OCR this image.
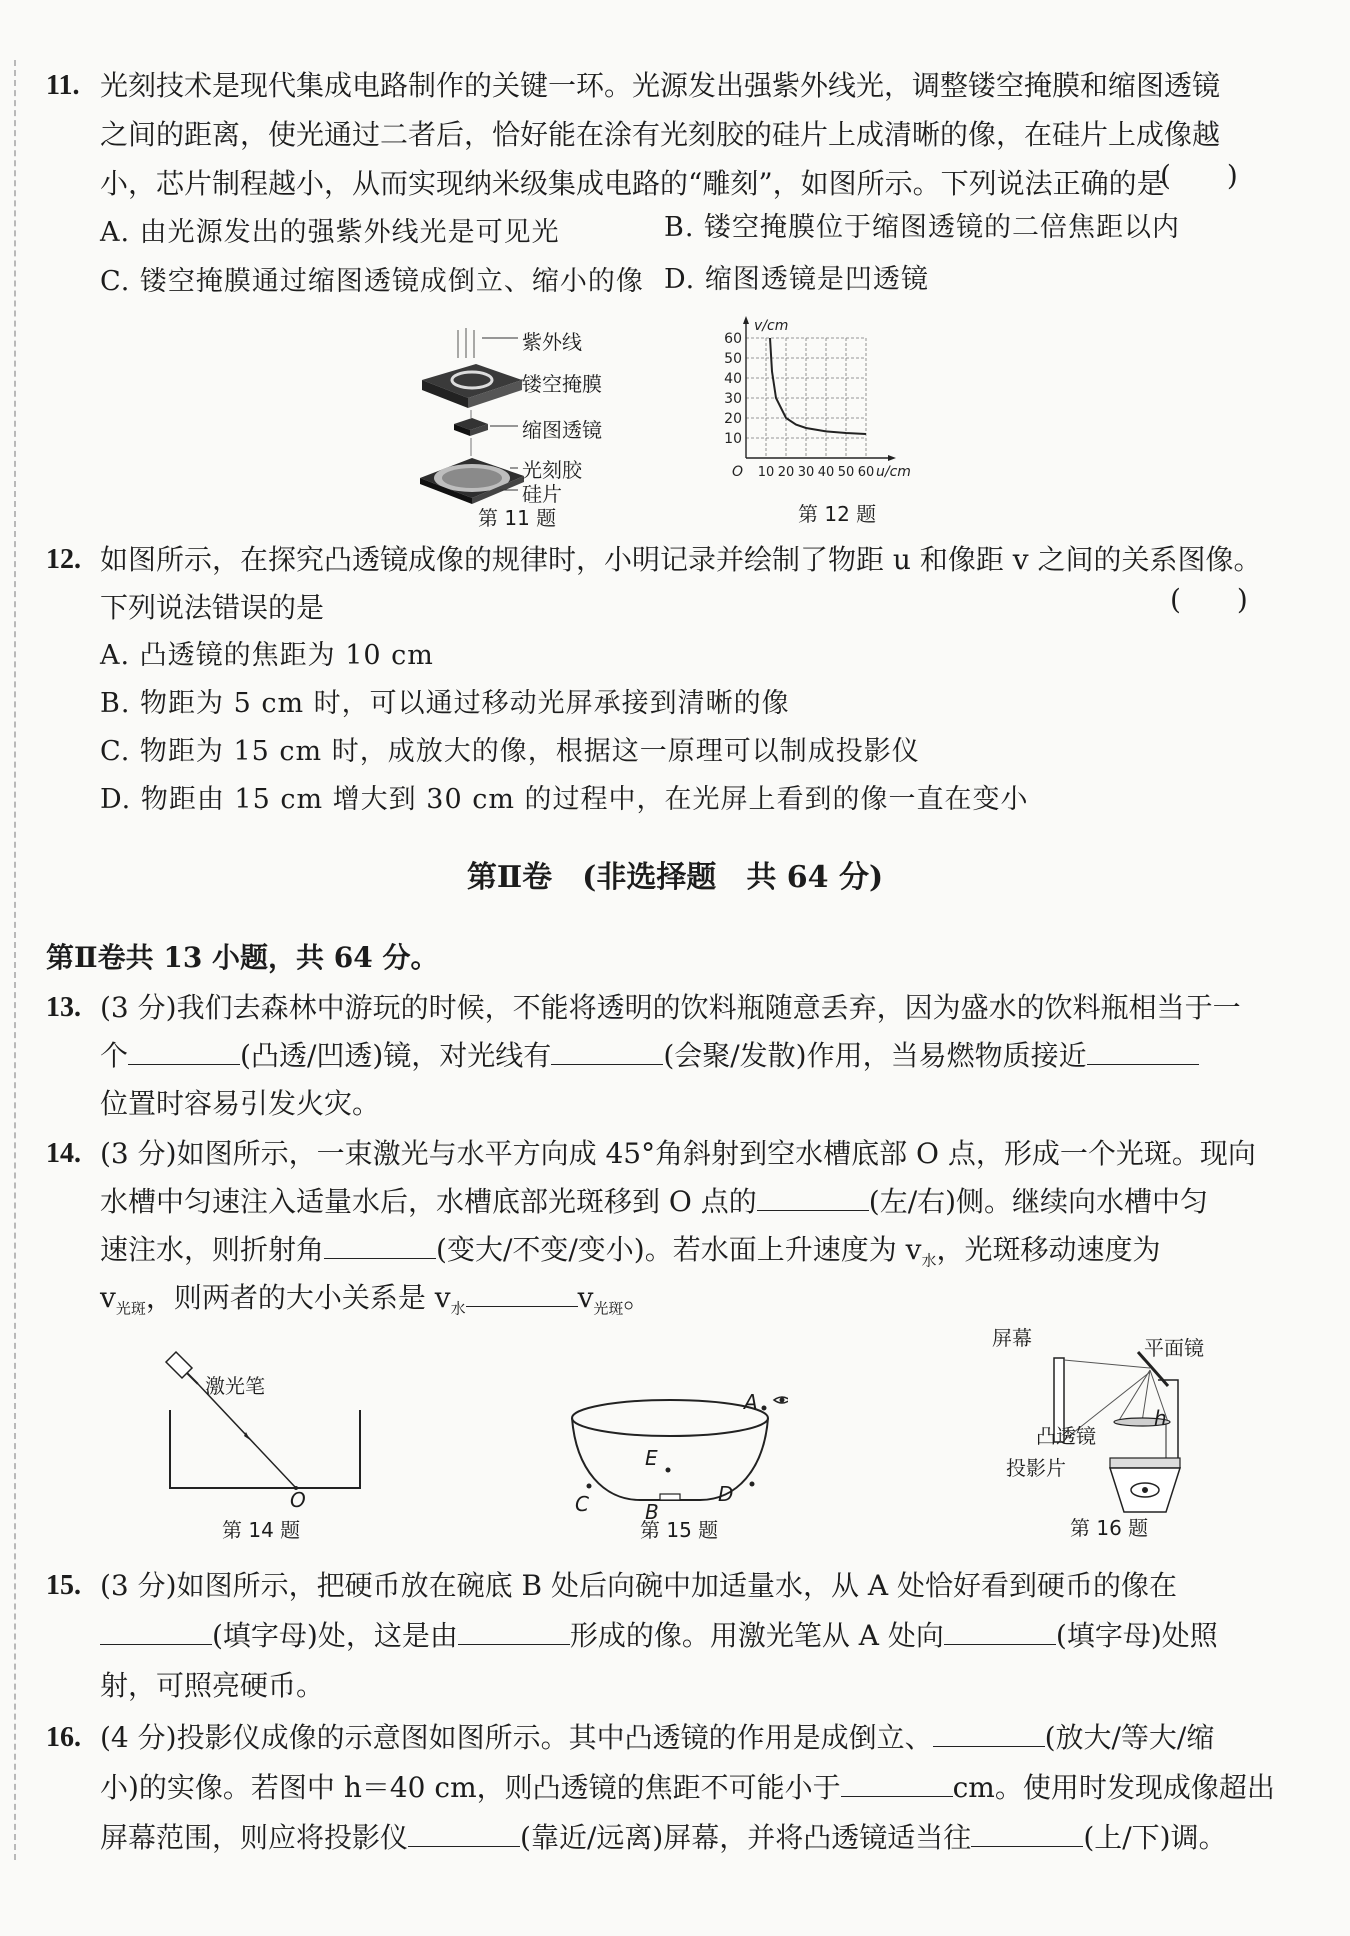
11. 光刻技术是现代集成电路制作的关键一环。光源发出强紫外线光，调整镂空掩膜和缩图透镜
之间的距离，使光通过二者后，恰好能在涂有光刻胶的硅片上成清晰的像，在硅片上成像越
小，芯片制程越小，从而实现纳米级集成电路的“雕刻”，如图所示。下列说法正确的是
(　　)
A. 由光源发出的强紫外线光是可见光	B. 镂空掩膜位于缩图透镜的二倍焦距以内
C. 镂空掩膜通过缩图透镜成倒立、缩小的像 D. 缩图透镜是凹透镜
紫外线
镂空掩膜
缩图透镜
光刻胶
硅片
第 11 题
10
20
30
40
50
60
10 20 30 40 50 60
O	u/cm
v/cm
第 12 题
12. 如图所示，在探究凸透镜成像的规律时，小明记录并绘制了物距 u 和像距 v 之间的关系图像。
下列说法错误的是	(　　)
A. 凸透镜的焦距为 10 cm
B. 物距为 5 cm 时，可以通过移动光屏承接到清晰的像
C. 物距为 15 cm 时，成放大的像，根据这一原理可以制成投影仪
D. 物距由 15 cm 增大到 30 cm 的过程中，在光屏上看到的像一直在变小
第Ⅱ卷　(非选择题　共 64 分)
第Ⅱ卷共 13 小题，共 64 分。
13. (3 分)我们去森林中游玩的时候，不能将透明的饮料瓶随意丢弃，因为盛水的饮料瓶相当于一
个	(凸透/凹透)镜，对光线有	(会聚/发散)作用，当易燃物质接近
位置时容易引发火灾。
14. (3 分)如图所示，一束激光与水平方向成 45°角斜射到空水槽底部 O 点，形成一个光斑。现向
水槽中匀速注入适量水后，水槽底部光斑移到 O 点的	(左/右)侧。继续向水槽中匀
速注水，则折射角	(变大/不变/变小)。若水面上升速度为 $v_水$，光斑移动速度为
$v_{光斑}$，则两者的大小关系是 $v_水$	$v_{光斑}$。
激光笔
O
第 14 题
A
E
C	D
B
第 15 题
屏幕	平面镜
凸透镜
投影片
h
第 16 题
15. (3 分)如图所示，把硬币放在碗底 B 处后向碗中加适量水，从 A 处恰好看到硬币的像在
(填字母)处，这是由	形成的像。用激光笔从 A 处向	(填字母)处照
射，可照亮硬币。
16. (4 分)投影仪成像的示意图如图所示。其中凸透镜的作用是成倒立、	(放大/等大/缩
小)的实像。若图中 h＝40 cm，则凸透镜的焦距不可能小于	cm。使用时发现成像超出
屏幕范围，则应将投影仪	(靠近/远离)屏幕，并将凸透镜适当往	(上/下)调。
